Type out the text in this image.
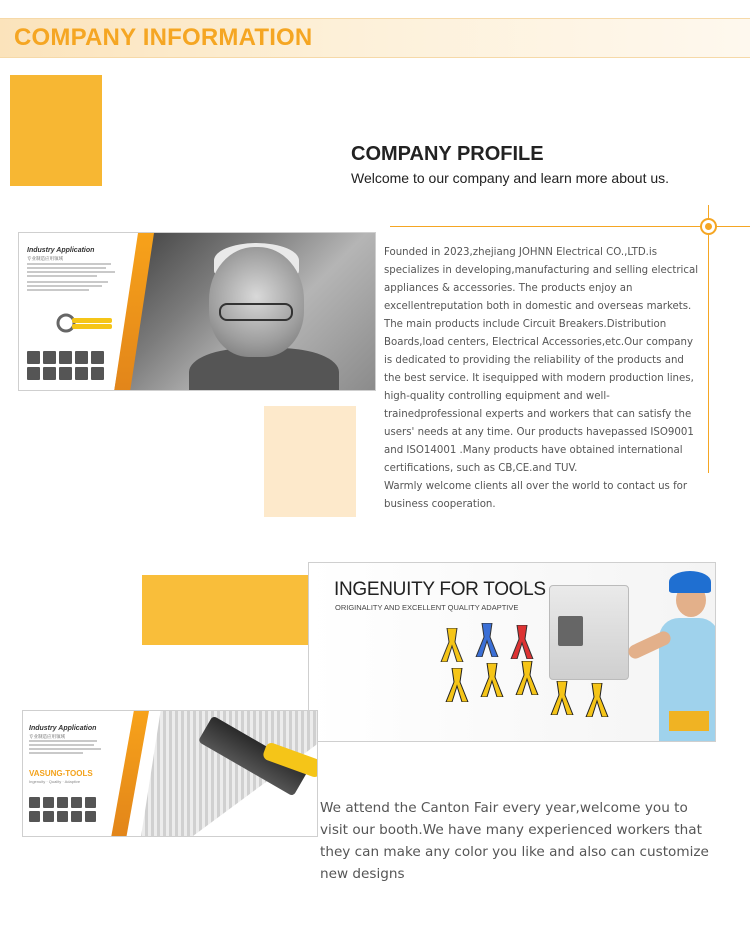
COMPANY INFORMATION
COMPANY PROFILE
Welcome to our company and learn more about us.
Industry Application
专业制造应用领域

Founded in 2023,zhejiang JOHNN Electrical CO.,LTD.is specializes in developing,manufacturing and selling electrical appliances & accessories. The products enjoy an excellentreputation both in domestic and overseas markets. The main products include Circuit Breakers.Distribution Boards,load centers, Electrical Accessories,etc.Our company is dedicated to providing the reliability of the products and the best service. It isequipped with modern production lines, high-quality controlling equipment and well-trainedprofessional experts and workers that can satisfy the users' needs at any time. Our products havepassed ISO9001 and ISO14001 .Many products have obtained international certifications, such as CB,CE.and TUV.

Warmly welcome clients all over the world to contact us for business cooperation.

INGENUITY FOR TOOLS
ORIGINALITY AND EXCELLENT QUALITY ADAPTIVE
Industry Application
专业制造应用领域
VASUNG-TOOLS
Ingenuity · Quality · Adaptive
We attend the Canton Fair every year,welcome you to visit our booth.We have many experienced workers that they can make any color you like and also can customize new designs
